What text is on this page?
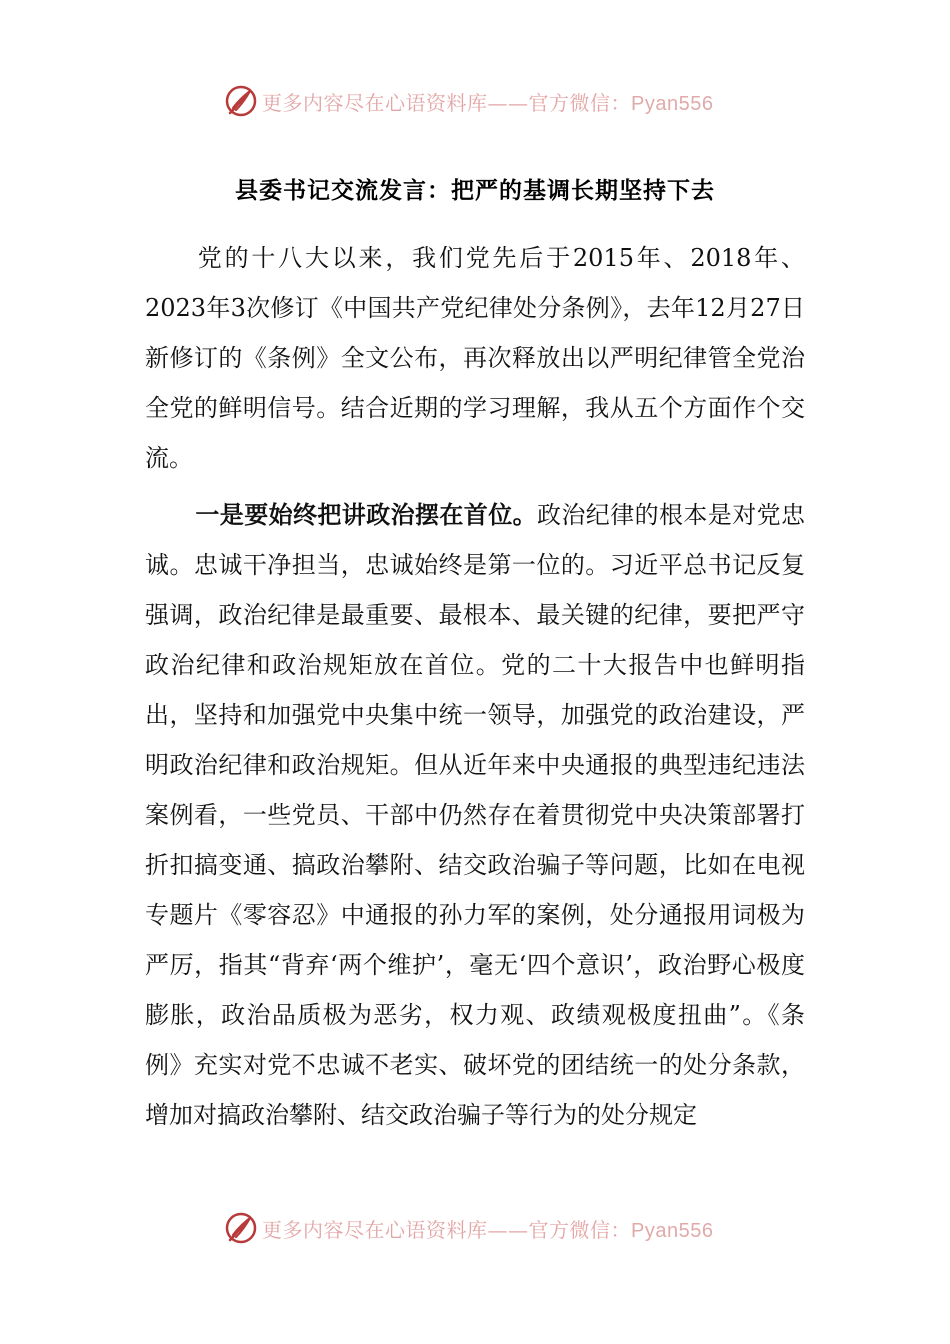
更多内容尽在心语资料库——官方微信：Pyan556
县委书记交流发言：把严的基调长期坚持下去
党的十八大以来，我们党先后于2015年、2018年、2023年3次修订《中国共产党纪律处分条例》，去年12月27日新修订的《条例》全文公布，再次释放出以严明纪律管全党治全党的鲜明信号。结合近期的学习理解，我从五个方面作个交流。
一是要始终把讲政治摆在首位。政治纪律的根本是对党忠诚。忠诚干净担当，忠诚始终是第一位的。习近平总书记反复强调，政治纪律是最重要、最根本、最关键的纪律，要把严守政治纪律和政治规矩放在首位。党的二十大报告中也鲜明指出，坚持和加强党中央集中统一领导，加强党的政治建设，严明政治纪律和政治规矩。但从近年来中央通报的典型违纪违法案例看，一些党员、干部中仍然存在着贯彻党中央决策部署打折扣搞变通、搞政治攀附、结交政治骗子等问题，比如在电视专题片《零容忍》中通报的孙力军的案例，处分通报用词极为严厉，指其“背弃‘两个维护’，毫无‘四个意识’，政治野心极度膨胀，政治品质极为恶劣，权力观、政绩观极度扭曲”。《条例》充实对党不忠诚不老实、破坏党的团结统一的处分条款，增加对搞政治攀附、结交政治骗子等行为的处分规定
更多内容尽在心语资料库——官方微信：Pyan556
